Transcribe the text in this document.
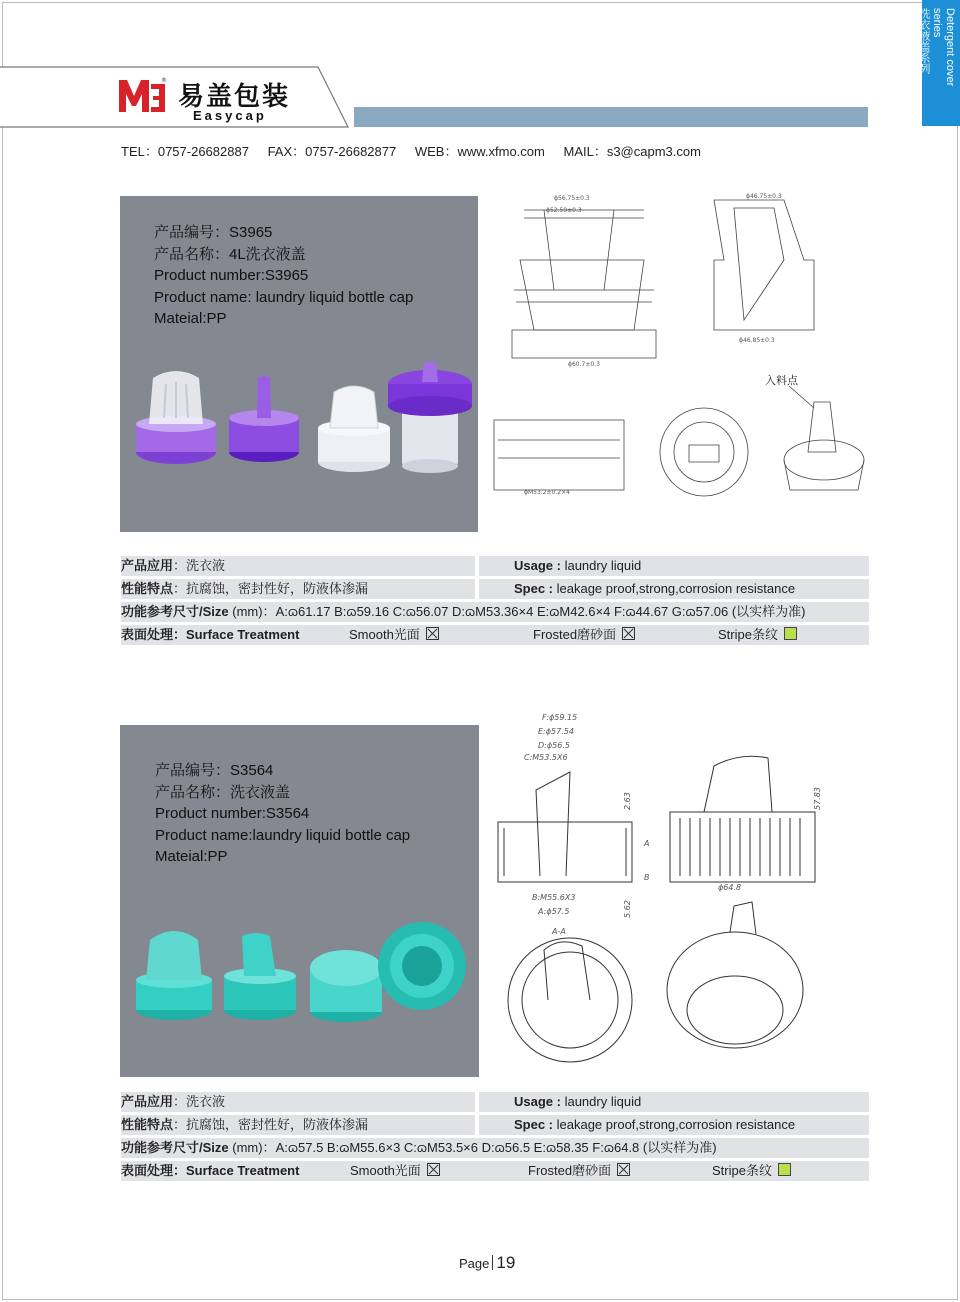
Detergent cover series
洗衣液盖系列
®
易盖包装
Easycap
TEL：0757-26682887 FAX：0757-26682877 WEB：www.xfmo.com MAIL：s3@capm3.com
产品编号：S3965
产品名称：4L洗衣液盖
Product number:S3965
Product name: laundry liquid bottle cap
Mateial:PP
ɸ56.75±0.3
ɸ52.59±0.3
ɸ60.7±0.3
ɸ46.75±0.3
ɸ46.85±0.3
ɸM53.2±0.2×4
入料点
产品应用：洗衣液	Usage : laundry liquid
性能特点：抗腐蚀，密封性好，防液体渗漏	Spec : leakage proof,strong,corrosion resistance
功能参考尺寸/Size (mm)：A:ɷ61.17 B:ɷ59.16 C:ɷ56.07 D:ɷM53.36×4 E:ɷM42.6×4 F:ɷ44.67 G:ɷ57.06 (以实样为准)
表面处理：Surface Treatment	Smooth光面	Frosted磨砂面	Stripe条纹
产品编号：S3564
产品名称：洗衣液盖
Product number:S3564
Product name:laundry liquid bottle cap
Mateial:PP
F:ɸ59.15
E:ɸ57.54
D:ɸ56.5
C:M53.5X6
B:M55.6X3
A:ɸ57.5
ɸ64.8
57.83
2.63
5.62
A-A
A
B
产品应用：洗衣液	Usage : laundry liquid
性能特点：抗腐蚀，密封性好，防液体渗漏	Spec : leakage proof,strong,corrosion resistance
功能参考尺寸/Size (mm)：A:ɷ57.5 B:ɷM55.6×3 C:ɷM53.5×6 D:ɷ56.5 E:ɷ58.35 F:ɷ64.8 (以实样为准)
表面处理：Surface Treatment	Smooth光面	Frosted磨砂面	Stripe条纹
Page 19
